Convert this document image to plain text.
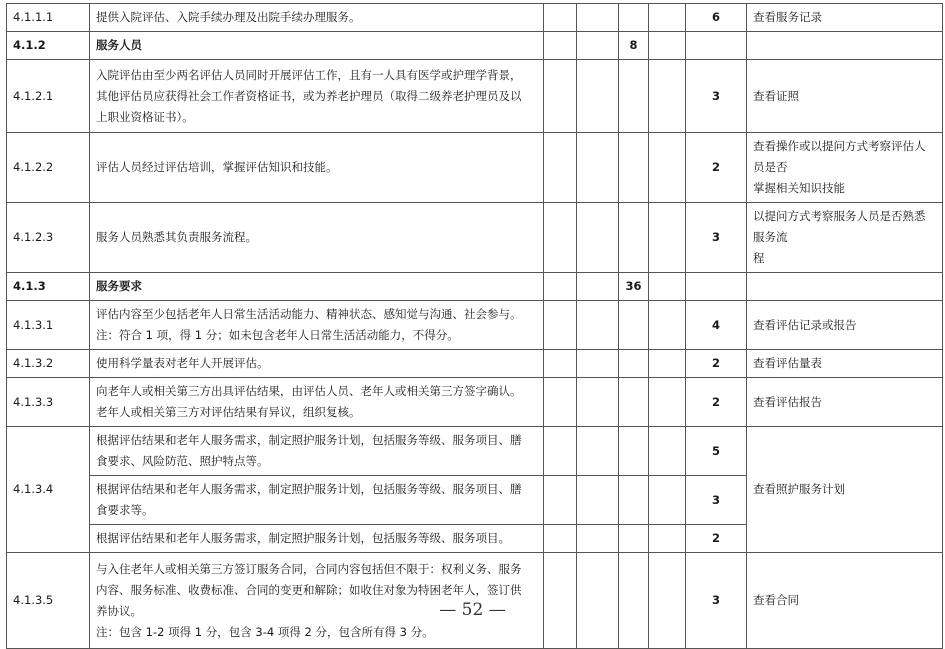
4.1.1.1	提供入院评估、入院手续办理及出院手续办理服务。					6	查看服务记录
4.1.2	服务人员			8			
4.1.2.1	入院评估由至少两名评估人员同时开展评估工作，且有一人具有医学或护理学背景，
其他评估员应获得社会工作者资格证书，或为养老护理员（取得二级养老护理员及以
上职业资格证书）。					3	查看证照
4.1.2.2	评估人员经过评估培训，掌握评估知识和技能。					2	查看操作或以提问方式考察评估人员是否
掌握相关知识技能

4.1.2.3	服务人员熟悉其负责服务流程。					3	以提问方式考察服务人员是否熟悉服务流
程

4.1.3	服务要求			36			
4.1.3.1	评估内容至少包括老年人日常生活活动能力、精神状态、感知觉与沟通、社会参与。
注：符合 1 项，得 1 分；如未包含老年人日常生活活动能力，不得分。					4	查看评估记录或报告
4.1.3.2	使用科学量表对老年人开展评估。					2	查看评估量表
4.1.3.3	向老年人或相关第三方出具评估结果，由评估人员、老年人或相关第三方签字确认。
老年人或相关第三方对评估结果有异议，组织复核。					2	查看评估报告
4.1.3.4	根据评估结果和老年人服务需求，制定照护服务计划，包括服务等级、服务项目、膳
食要求、风险防范、照护特点等。					5	查看照护服务计划

	根据评估结果和老年人服务需求，制定照护服务计划，包括服务等级、服务项目、膳
食要求等。					3	
	根据评估结果和老年人服务需求，制定照护服务计划，包括服务等级、服务项目。					2	
4.1.3.5	与入住老年人或相关第三方签订服务合同，合同内容包括但不限于：权利义务、服务
内容、服务标准、收费标准、合同的变更和解除；如收住对象为特困老年人，签订供
养协议。
注：包含 1-2 项得 1 分，包含 3-4 项得 2 分，包含所有得 3 分。					3	查看合同
— 52 —
